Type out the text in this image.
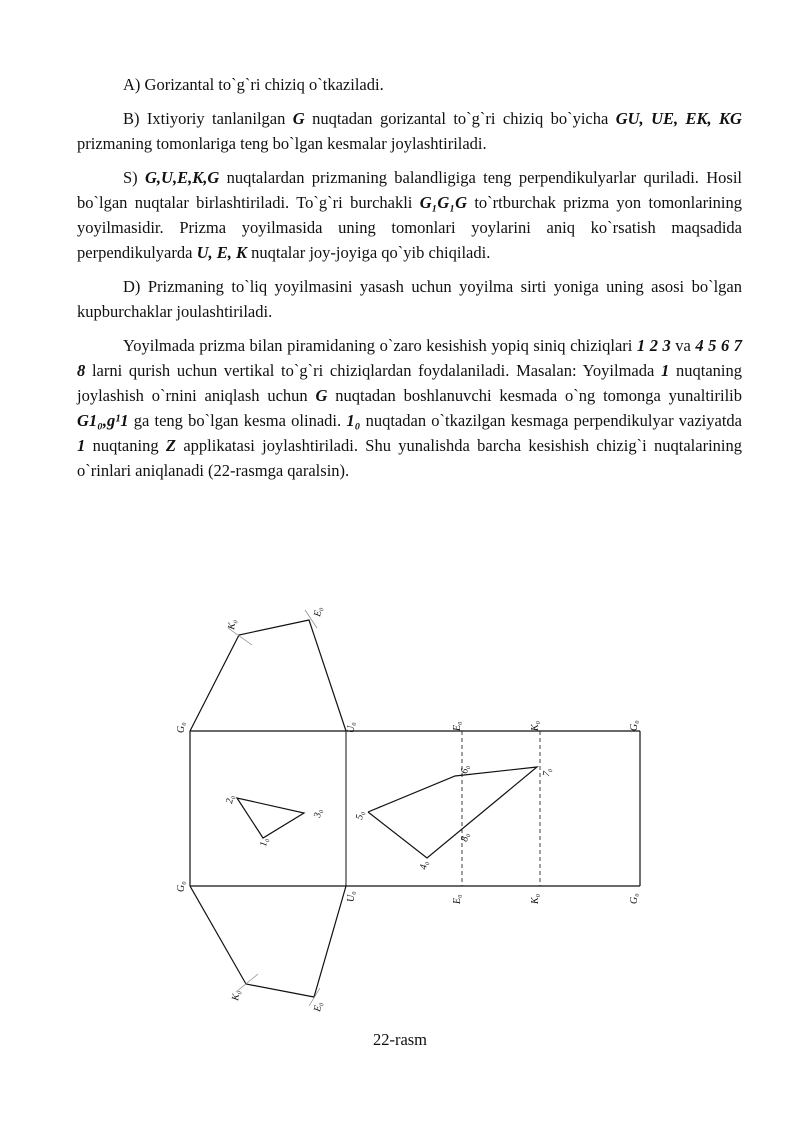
A) Gorizantal to`g`ri chiziq o`tkaziladi.

B) Ixtiyoriy tanlanilgan G nuqtadan gorizantal to`g`ri chiziq bo`yicha GU, UE, EK, KG prizmaning tomonlariga teng bo`lgan kesmalar joylashtiriladi.

S) G,U,E,K,G nuqtalardan prizmaning balandligiga teng perpendikulyarlar quriladi. Hosil bo`lgan nuqtalar birlashtiriladi. To`g`ri burchakli G₁G₁G to`rtburchak prizma yon tomonlarining yoyilmasidir. Prizma yoyilmasida uning tomonlari yoylarini aniq ko`rsatish maqsadida perpendikulyarda U, E, K nuqtalar joy-joyiga qo`yib chiqiladi.

D) Prizmaning to`liq yoyilmasini yasash uchun yoyilma sirti yoniga uning asosi bo`lgan kupburchaklar joulashtiriladi.

Yoyilmada prizma bilan piramidaning o`zaro kesishish yopiq siniq chiziqlari 1 2 3 va 4 5 6 7 8 larni qurish uchun vertikal to`g`ri chiziqlardan foydalaniladi. Masalan: Yoyilmada 1 nuqtaning joylashish o`rnini aniqlash uchun G nuqtadan boshlanuvchi kesmada o`ng tomonga yunaltirilib G1₀,g¹1 ga teng bo`lgan kesma olinadi. 1₀ nuqtadan o`tkazilgan kesmaga perpendikulyar vaziyatda 1 nuqtaning Z applikatasi joylashtiriladi. Shu yunalishda barcha kesishish chizig`i nuqtalarining o`rinlari aniqlanadi (22-rasmga qaralsin).

G₀	U₀	E₀	K₀	G₀
G₀
U₀	E₀	K₀	G₀
K₀
E₀
K₀
E₀
2₀
3₀
1₀
5₀
6₀	7₀
8₀
4₀
22-rasm
